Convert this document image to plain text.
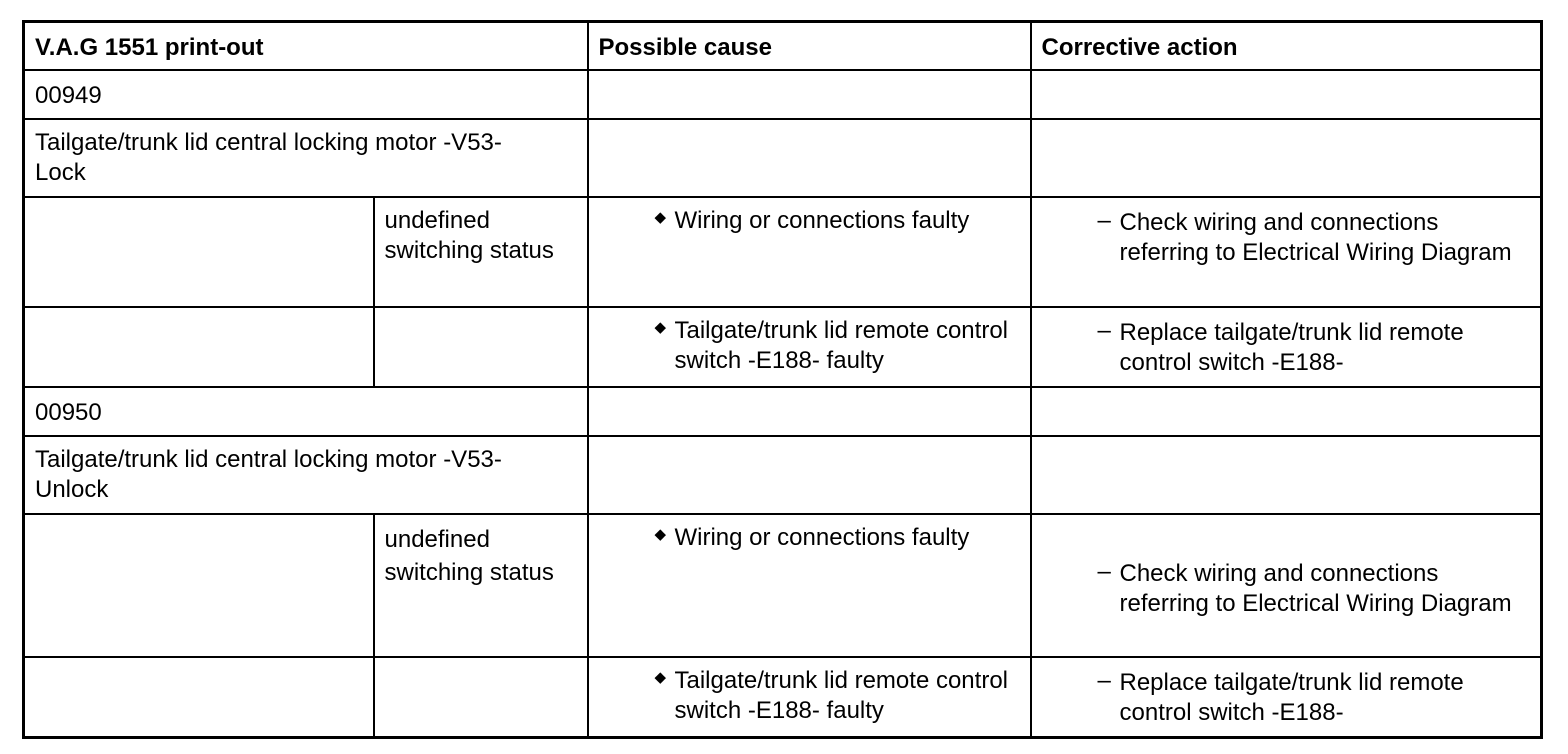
V.A.G 1551 print-out		Possible cause	Corrective action

00949			

Tailgate/trunk lid central locking motor -V53-
Lock			

	undefined switching status	◆ Wiring or connections faulty	– Check wiring and connections referring to Electrical Wiring Diagram

		◆ Tailgate/trunk lid remote control switch -E188- faulty	– Replace tailgate/trunk lid remote control switch -E188-

00950			

Tailgate/trunk lid central locking motor -V53-
Unlock			

	undefined switching status	◆ Wiring or connections faulty	– Check wiring and connections referring to Electrical Wiring Diagram

		◆ Tailgate/trunk lid remote control switch -E188- faulty	– Replace tailgate/trunk lid remote control switch -E188-
